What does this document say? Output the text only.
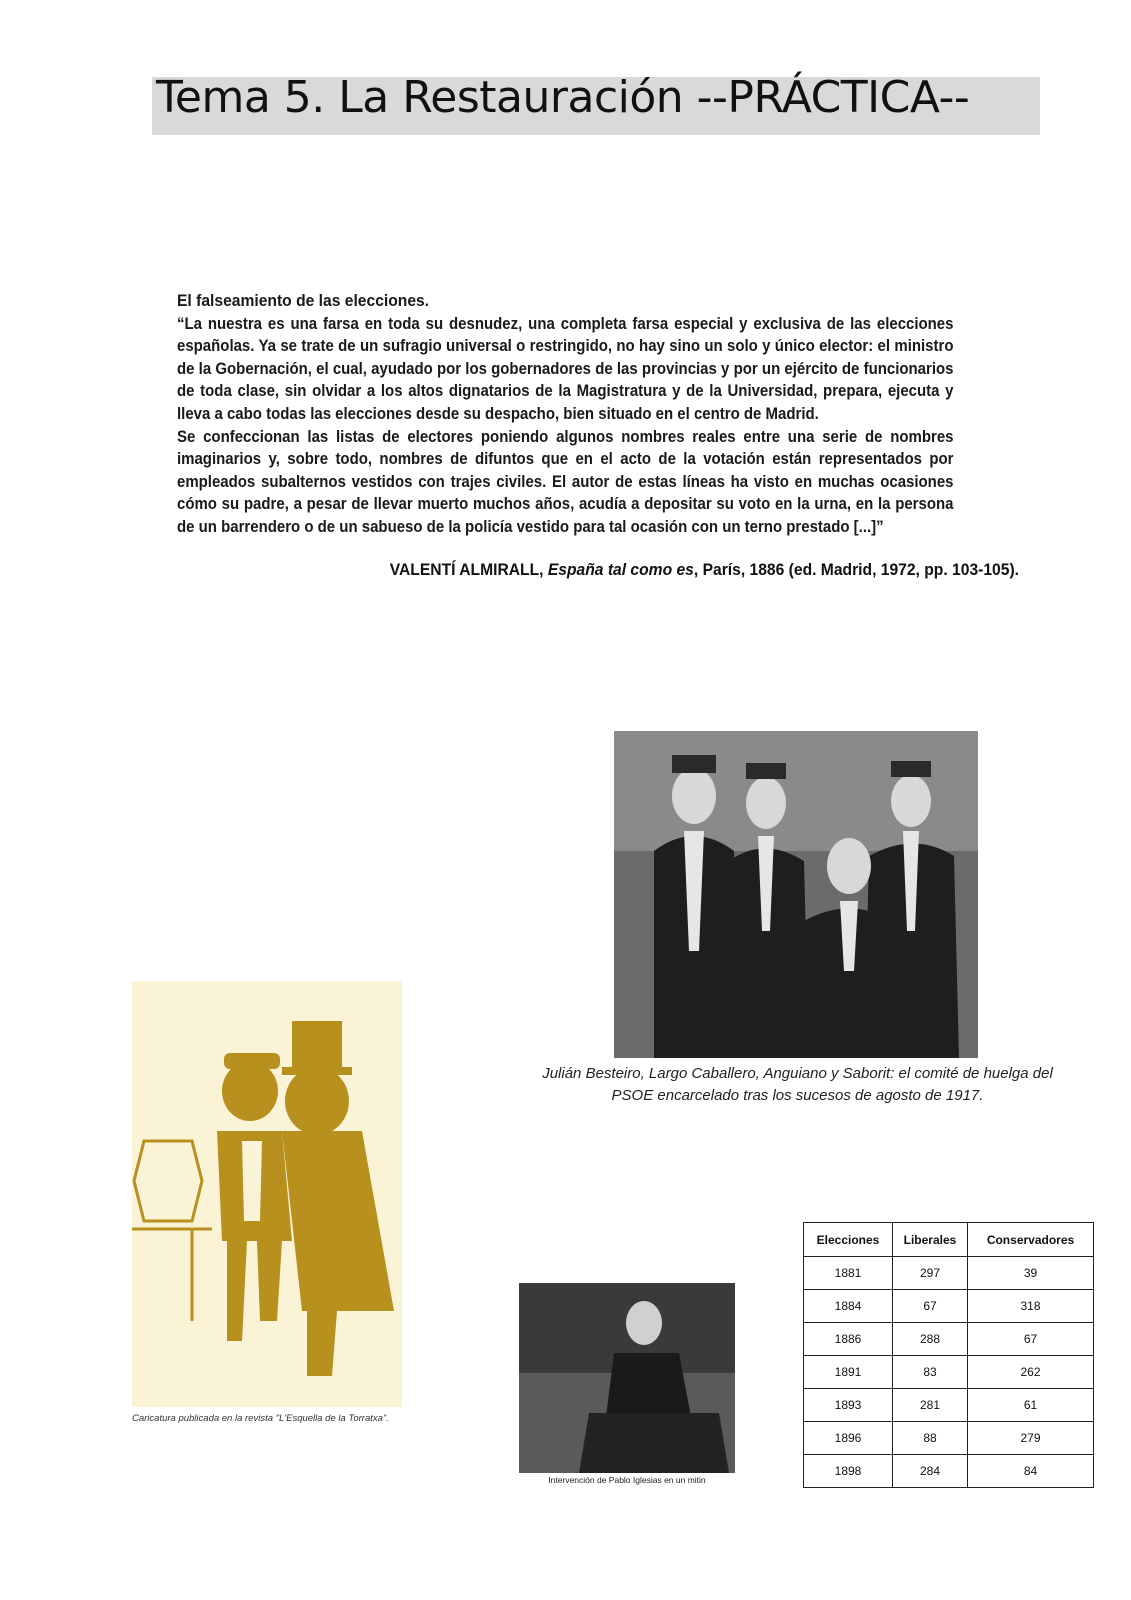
Tema 5. La Restauración --PRÁCTICA--

El falseamiento de las elecciones.

“La nuestra es una farsa en toda su desnudez, una completa farsa especial y exclusiva de las elecciones españolas. Ya se trate de un sufragio universal o restringido, no hay sino un solo y único elector: el ministro de la Gobernación, el cual, ayudado por los gobernadores de las provincias y por un ejército de funcionarios de toda clase, sin olvidar a los altos dignatarios de la Magistratura y de la Universidad, prepara, ejecuta y lleva a cabo todas las elecciones desde su despacho, bien situado en el centro de Madrid.

Se confeccionan las listas de electores poniendo algunos nombres reales entre una serie de nombres imaginarios y, sobre todo, nombres de difuntos que en el acto de la votación están representados por empleados subalternos vestidos con trajes civiles. El autor de estas líneas ha visto en muchas ocasiones cómo su padre, a pesar de llevar muerto muchos años, acudía a depositar su voto en la urna, en la persona de un barrendero o de un sabueso de la policía vestido para tal ocasión con un terno prestado [...]”

VALENTÍ ALMIRALL, España tal como es, París, 1886 (ed. Madrid, 1972, pp. 103-105).
Julián Besteiro, Largo Caballero, Anguiano y Saborit: el comité de huelga del PSOE encarcelado tras los sucesos de agosto de 1917.
Caricatura publicada en la revista "L'Esquella de la Torratxa".
Intervención de Pablo Iglesias en un mitin
Elecciones	Liberales	Conservadores
1881	297	39
1884	67	318
1886	288	67
1891	83	262
1893	281	61
1896	88	279
1898	284	84
